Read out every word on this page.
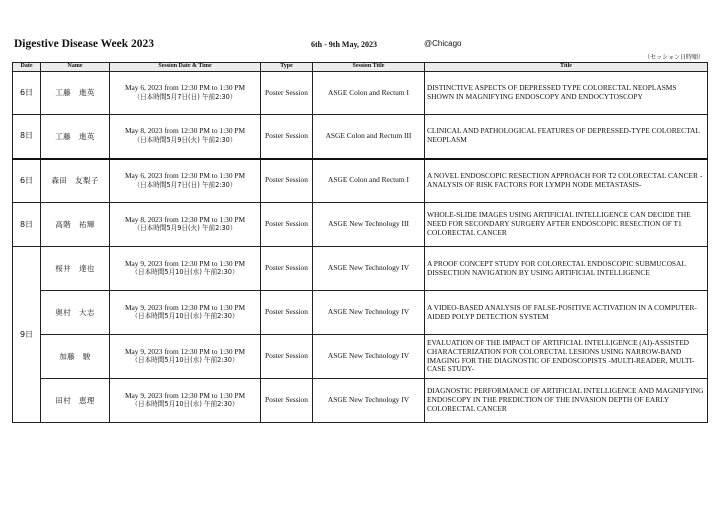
Digestive Disease Week 2023	6th - 9th May, 2023	@Chicago
（セッション日時順）
Date	Name	Session Date & Time	Type	Session Title	Title
6日	工藤　進英	May 6, 2023 from 12:30 PM to 1:30 PM
（日本時間5月7日(日) 午前2:30）	Poster Session	ASGE Colon and Rectum I	DISTINCTIVE ASPECTS OF DEPRESSED TYPE COLORECTAL NEOPLASMS SHOWN IN MAGNIFYING ENDOSCOPY AND ENDOCYTOSCOPY
8日	工藤　進英	May 8, 2023 from 12:30 PM to 1:30 PM
（日本時間5月9日(火) 午前2:30）	Poster Session	ASGE Colon and Rectum III	CLINICAL AND PATHOLOGICAL FEATURES OF DEPRESSED-TYPE COLORECTAL NEOPLASM
6日	森田　友梨子	May 6, 2023 from 12:30 PM to 1:30 PM
（日本時間5月7日(日) 午前2:30）	Poster Session	ASGE Colon and Rectum I	A NOVEL ENDOSCOPIC RESECTION APPROACH FOR T2 COLORECTAL CANCER -ANALYSIS OF RISK FACTORS FOR LYMPH NODE METASTASIS-
8日	高階　祐輝	May 8, 2023 from 12:30 PM to 1:30 PM
（日本時間5月9日(火) 午前2:30）	Poster Session	ASGE New Technology III	WHOLE-SLIDE IMAGES USING ARTIFICIAL INTELLIGENCE CAN DECIDE THE NEED FOR SECONDARY SURGERY AFTER ENDOSCOPIC RESECTION OF T1 COLORECTAL CANCER
9日	桜井　達也	May 9, 2023 from 12:30 PM to 1:30 PM
（日本時間5月10日(水) 午前2:30）	Poster Session	ASGE New Technology IV	A PROOF CONCEPT STUDY FOR COLORECTAL ENDOSCOPIC SUBMUCOSAL DISSECTION NAVIGATION BY USING ARTIFICIAL INTELLIGENCE
	奥村　大志	May 9, 2023 from 12:30 PM to 1:30 PM
（日本時間5月10日(水) 午前2:30）	Poster Session	ASGE New Technology IV	A VIDEO-BASED ANALYSIS OF FALSE-POSITIVE ACTIVATION IN A COMPUTER-AIDED POLYP DETECTION SYSTEM
	加藤　駿	May 9, 2023 from 12:30 PM to 1:30 PM
（日本時間5月10日(水) 午前2:30）	Poster Session	ASGE New Technology IV	EVALUATION OF THE IMPACT OF ARTIFICIAL INTELLIGENCE (AI)-ASSISTED CHARACTERIZATION FOR COLORECTAL LESIONS USING NARROW-BAND IMAGING FOR THE DIAGNOSTIC OF ENDOSCOPISTS -MULTI-READER, MULTI-CASE STUDY-
	田村　恵理	May 9, 2023 from 12:30 PM to 1:30 PM
（日本時間5月10日(水) 午前2:30）	Poster Session	ASGE New Technology IV	DIAGNOSTIC PERFORMANCE OF ARTIFICIAL INTELLIGENCE AND MAGNIFYING ENDOSCOPY IN THE PREDICTION OF THE INVASION DEPTH OF EARLY COLORECTAL CANCER
